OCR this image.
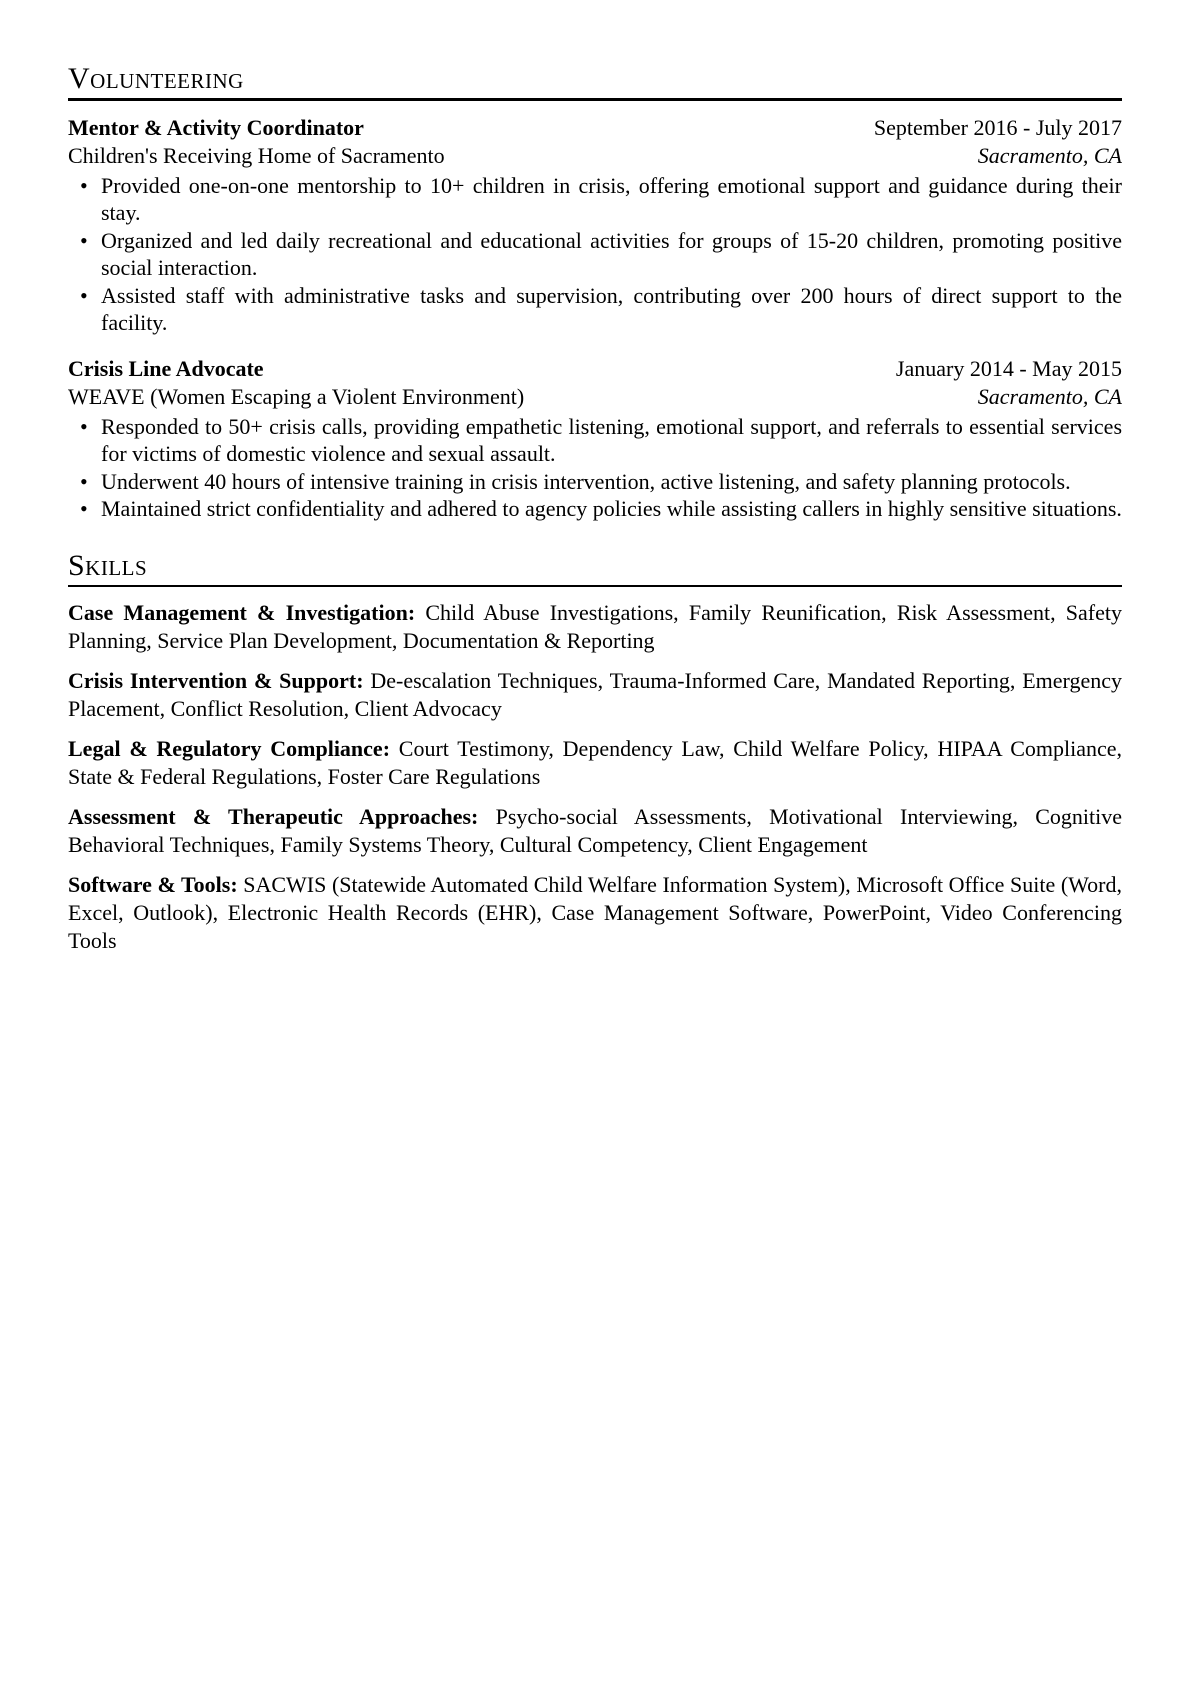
Volunteering
Mentor & Activity Coordinator	September 2016 - July 2017
Children's Receiving Home of Sacramento	Sacramento, CA
• Provided one-on-one mentorship to 10+ children in crisis, offering emotional support and guidance during their stay.
• Organized and led daily recreational and educational activities for groups of 15-20 children, promoting positive social interaction.
• Assisted staff with administrative tasks and supervision, contributing over 200 hours of direct support to the facility.
Crisis Line Advocate	January 2014 - May 2015
WEAVE (Women Escaping a Violent Environment)	Sacramento, CA
• Responded to 50+ crisis calls, providing empathetic listening, emotional support, and referrals to essential services for victims of domestic violence and sexual assault.
• Underwent 40 hours of intensive training in crisis intervention, active listening, and safety planning protocols.
• Maintained strict confidentiality and adhered to agency policies while assisting callers in highly sensitive situations.
Skills

Case Management & Investigation: Child Abuse Investigations, Family Reunification, Risk Assessment, Safety Planning, Service Plan Development, Documentation & Reporting

Crisis Intervention & Support: De-escalation Techniques, Trauma-Informed Care, Mandated Reporting, Emergency Placement, Conflict Resolution, Client Advocacy

Legal & Regulatory Compliance: Court Testimony, Dependency Law, Child Welfare Policy, HIPAA Compliance, State & Federal Regulations, Foster Care Regulations

Assessment & Therapeutic Approaches: Psycho-social Assessments, Motivational Interviewing, Cognitive Behavioral Techniques, Family Systems Theory, Cultural Competency, Client Engagement

Software & Tools: SACWIS (Statewide Automated Child Welfare Information System), Microsoft Office Suite (Word, Excel, Outlook), Electronic Health Records (EHR), Case Management Software, PowerPoint, Video Conferencing Tools
